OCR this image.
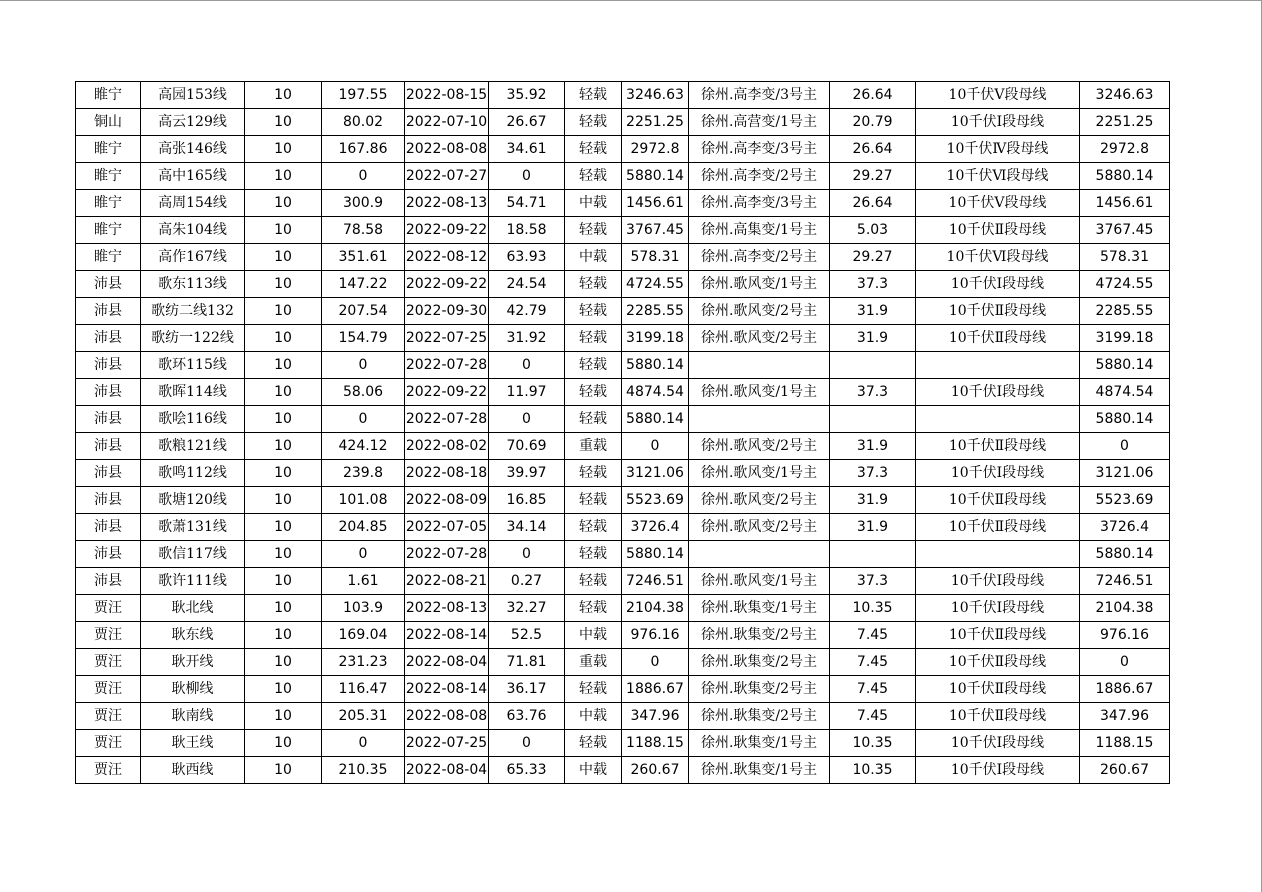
睢宁	高园153线	10	197.55	2022-08-15	35.92	轻载	3246.63	徐州.高李变/3号主	26.64	10千伏Ⅴ段母线	3246.63
铜山	高云129线	10	80.02	2022-07-10	26.67	轻载	2251.25	徐州.高营变/1号主	20.79	10千伏Ⅰ段母线	2251.25
睢宁	高张146线	10	167.86	2022-08-08	34.61	轻载	2972.8	徐州.高李变/3号主	26.64	10千伏Ⅳ段母线	2972.8
睢宁	高中165线	10	0	2022-07-27	0	轻载	5880.14	徐州.高李变/2号主	29.27	10千伏Ⅵ段母线	5880.14
睢宁	高周154线	10	300.9	2022-08-13	54.71	中载	1456.61	徐州.高李变/3号主	26.64	10千伏Ⅴ段母线	1456.61
睢宁	高朱104线	10	78.58	2022-09-22	18.58	轻载	3767.45	徐州.高集变/1号主	5.03	10千伏Ⅱ段母线	3767.45
睢宁	高作167线	10	351.61	2022-08-12	63.93	中载	578.31	徐州.高李变/2号主	29.27	10千伏Ⅵ段母线	578.31
沛县	歌东113线	10	147.22	2022-09-22	24.54	轻载	4724.55	徐州.歌风变/1号主	37.3	10千伏Ⅰ段母线	4724.55
沛县	歌纺二线132	10	207.54	2022-09-30	42.79	轻载	2285.55	徐州.歌风变/2号主	31.9	10千伏Ⅱ段母线	2285.55
沛县	歌纺一122线	10	154.79	2022-07-25	31.92	轻载	3199.18	徐州.歌风变/2号主	31.9	10千伏Ⅱ段母线	3199.18
沛县	歌环115线	10	0	2022-07-28	0	轻载	5880.14				5880.14
沛县	歌晖114线	10	58.06	2022-09-22	11.97	轻载	4874.54	徐州.歌风变/1号主	37.3	10千伏Ⅰ段母线	4874.54
沛县	歌哙116线	10	0	2022-07-28	0	轻载	5880.14				5880.14
沛县	歌粮121线	10	424.12	2022-08-02	70.69	重载	0	徐州.歌风变/2号主	31.9	10千伏Ⅱ段母线	0
沛县	歌鸣112线	10	239.8	2022-08-18	39.97	轻载	3121.06	徐州.歌风变/1号主	37.3	10千伏Ⅰ段母线	3121.06
沛县	歌塘120线	10	101.08	2022-08-09	16.85	轻载	5523.69	徐州.歌风变/2号主	31.9	10千伏Ⅱ段母线	5523.69
沛县	歌萧131线	10	204.85	2022-07-05	34.14	轻载	3726.4	徐州.歌风变/2号主	31.9	10千伏Ⅱ段母线	3726.4
沛县	歌信117线	10	0	2022-07-28	0	轻载	5880.14				5880.14
沛县	歌许111线	10	1.61	2022-08-21	0.27	轻载	7246.51	徐州.歌风变/1号主	37.3	10千伏Ⅰ段母线	7246.51
贾汪	耿北线	10	103.9	2022-08-13	32.27	轻载	2104.38	徐州.耿集变/1号主	10.35	10千伏Ⅰ段母线	2104.38
贾汪	耿东线	10	169.04	2022-08-14	52.5	中载	976.16	徐州.耿集变/2号主	7.45	10千伏Ⅱ段母线	976.16
贾汪	耿开线	10	231.23	2022-08-04	71.81	重载	0	徐州.耿集变/2号主	7.45	10千伏Ⅱ段母线	0
贾汪	耿柳线	10	116.47	2022-08-14	36.17	轻载	1886.67	徐州.耿集变/2号主	7.45	10千伏Ⅱ段母线	1886.67
贾汪	耿南线	10	205.31	2022-08-08	63.76	中载	347.96	徐州.耿集变/2号主	7.45	10千伏Ⅱ段母线	347.96
贾汪	耿王线	10	0	2022-07-25	0	轻载	1188.15	徐州.耿集变/1号主	10.35	10千伏Ⅰ段母线	1188.15
贾汪	耿西线	10	210.35	2022-08-04	65.33	中载	260.67	徐州.耿集变/1号主	10.35	10千伏Ⅰ段母线	260.67
